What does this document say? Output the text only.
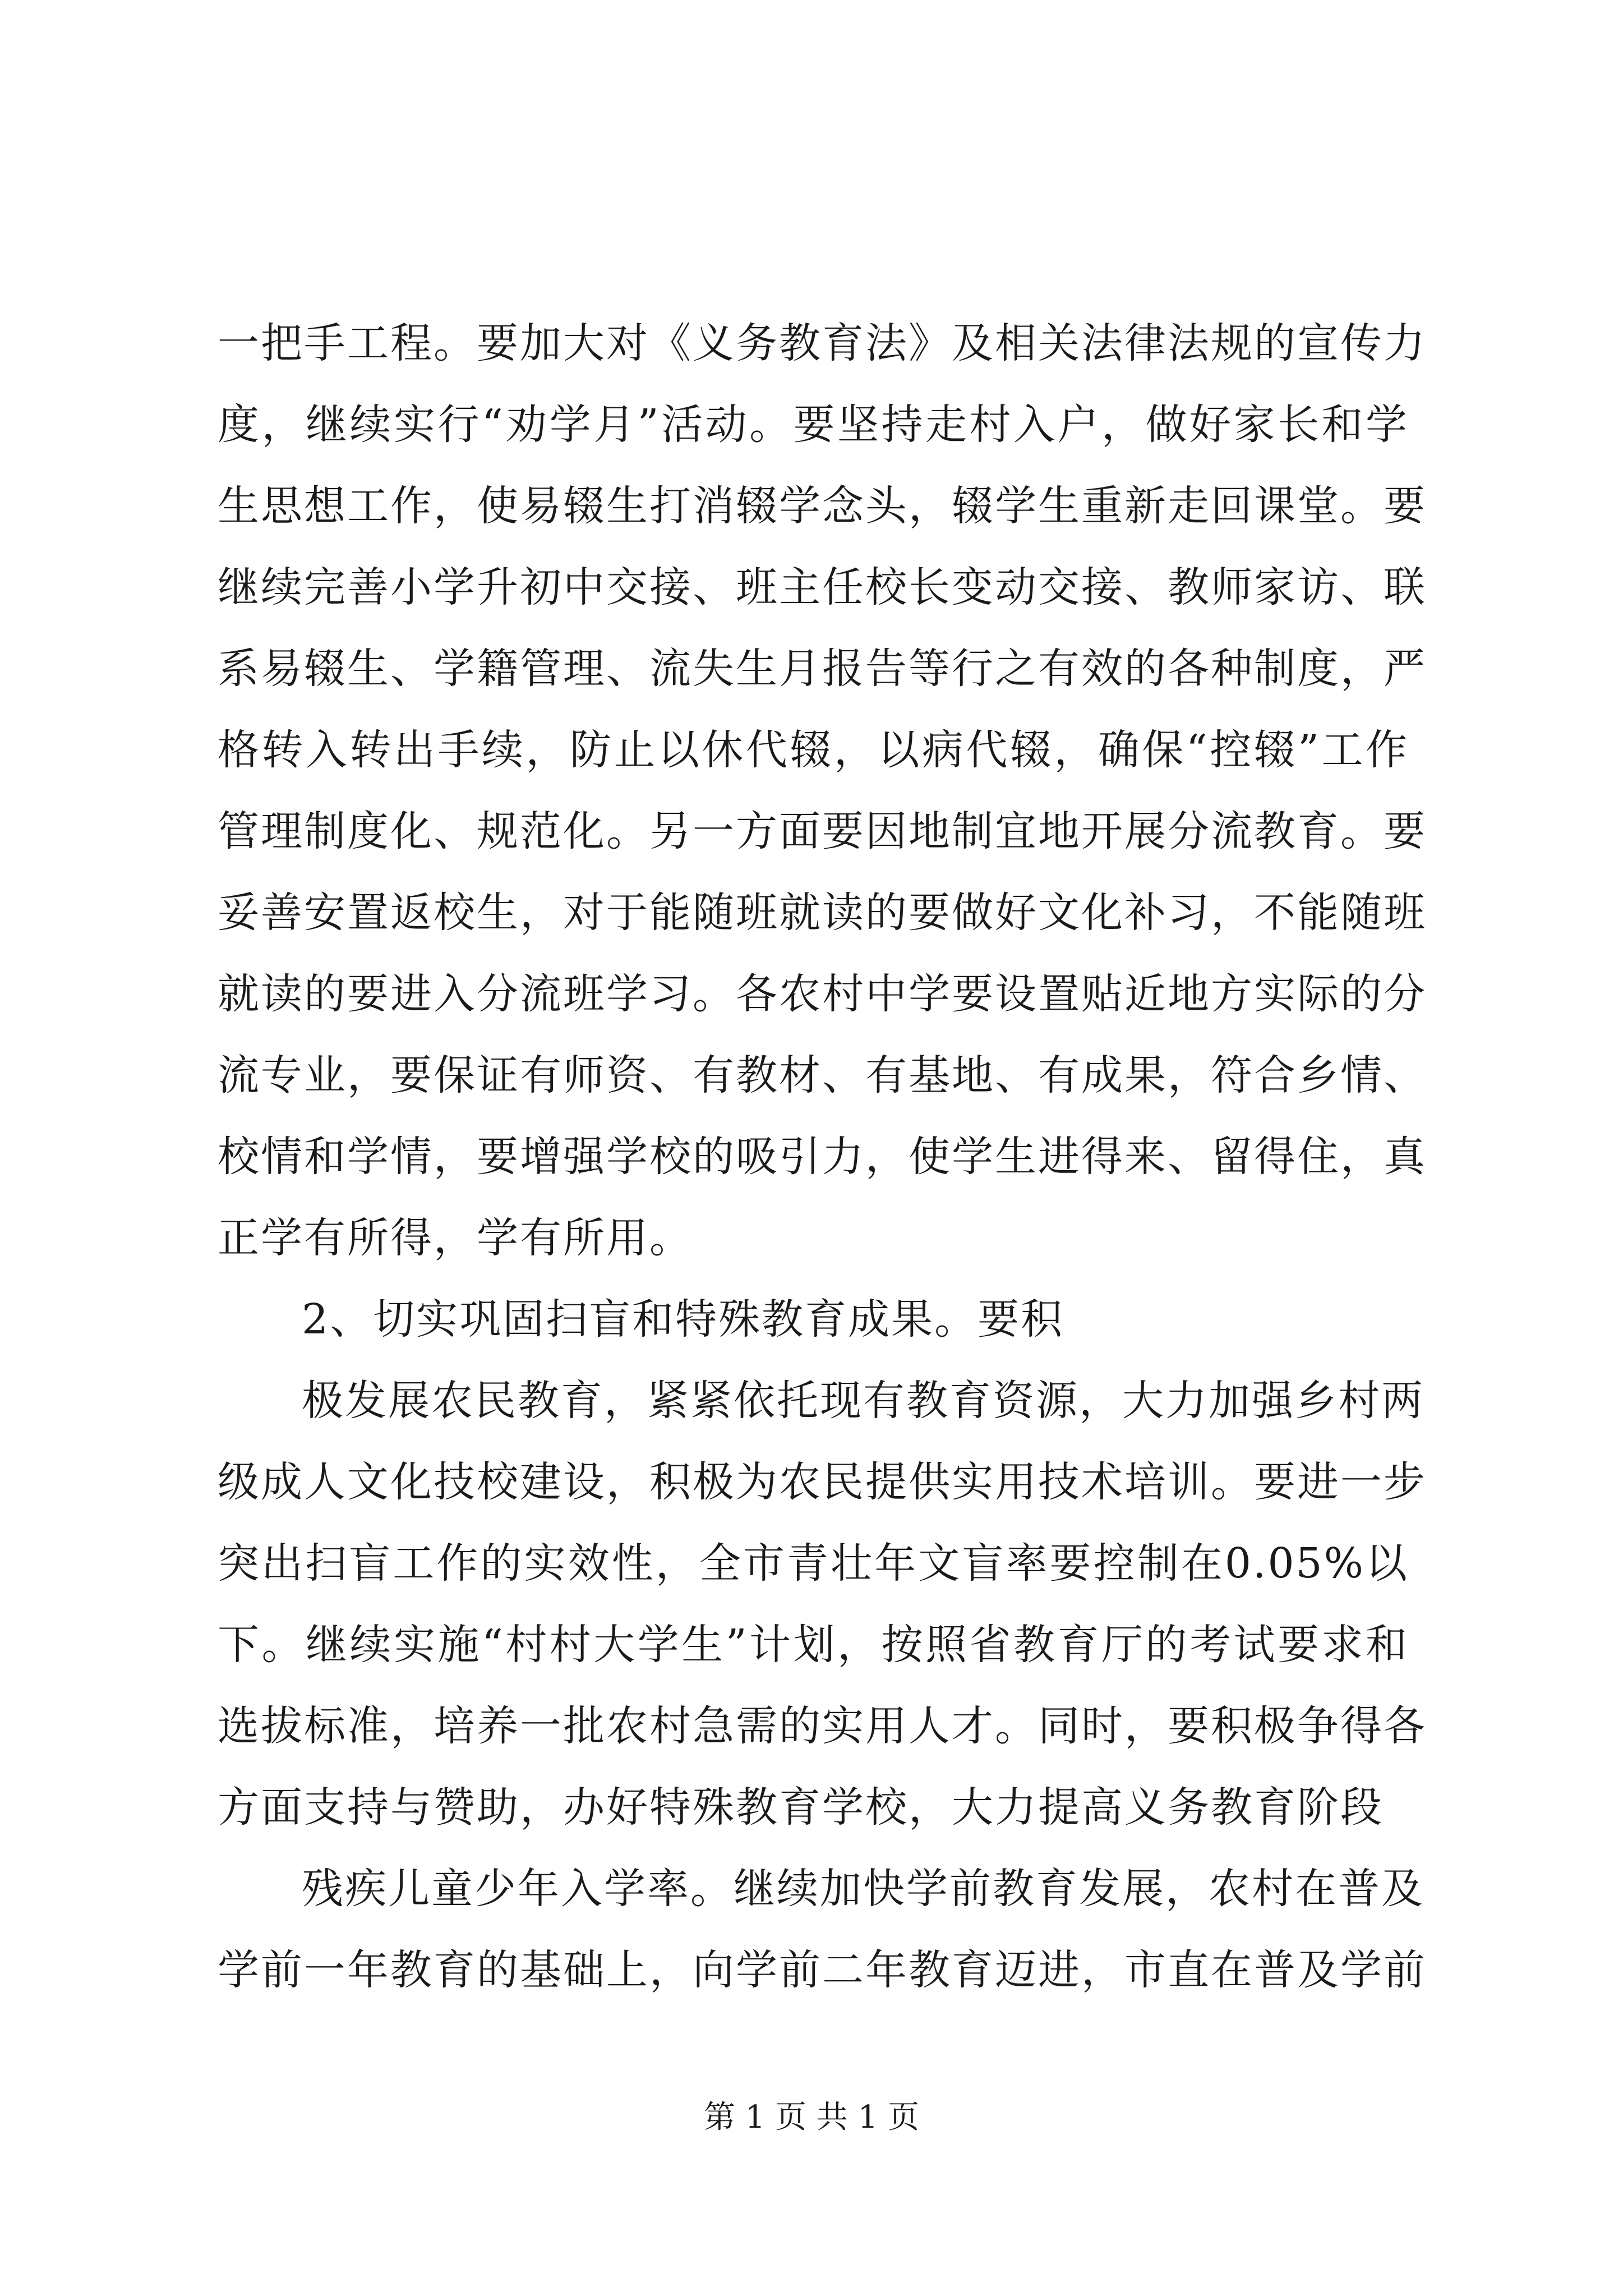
一把手工程。要加大对《义务教育法》及相关法律法规的宣传力
度，继续实行“劝学月”活动。要坚持走村入户，做好家长和学
生思想工作，使易辍生打消辍学念头，辍学生重新走回课堂。要
继续完善小学升初中交接、班主任校长变动交接、教师家访、联
系易辍生、学籍管理、流失生月报告等行之有效的各种制度，严
格转入转出手续，防止以休代辍，以病代辍，确保“控辍”工作
管理制度化、规范化。另一方面要因地制宜地开展分流教育。要
妥善安置返校生，对于能随班就读的要做好文化补习，不能随班
就读的要进入分流班学习。各农村中学要设置贴近地方实际的分
流专业，要保证有师资、有教材、有基地、有成果，符合乡情、
校情和学情，要增强学校的吸引力，使学生进得来、留得住，真
正学有所得，学有所用。
2、切实巩固扫盲和特殊教育成果。要积
极发展农民教育，紧紧依托现有教育资源，大力加强乡村两
级成人文化技校建设，积极为农民提供实用技术培训。要进一步
突出扫盲工作的实效性，全市青壮年文盲率要控制在0.05%以
下。继续实施“村村大学生”计划，按照省教育厅的考试要求和
选拔标准，培养一批农村急需的实用人才。同时，要积极争得各
方面支持与赞助，办好特殊教育学校，大力提高义务教育阶段
残疾儿童少年入学率。继续加快学前教育发展，农村在普及
学前一年教育的基础上，向学前二年教育迈进，市直在普及学前
第 1 页 共 1 页
